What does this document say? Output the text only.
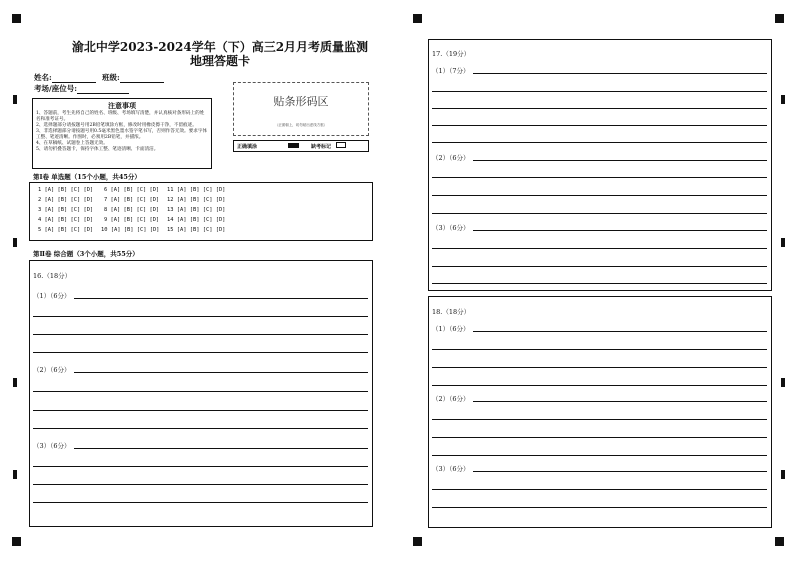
渝北中学2023-2024学年（下）高三2月月考质量监测
地理答题卡
姓名:	班级:
考场/座位号:
注意事项

1、答题前，考生先将自己的姓名、班级、考场填写清楚，并认真核对条形码上的姓名和准考证号。

2、选择题部分请按题号用2B铅笔填涂方框，修改时用橡皮擦干净，不留痕迹。

3、非选择题部分请按题号用0.5毫米黑色墨水签字笔书写，否则作答无效。要求字体工整、笔迹清晰。作图时，必须用2B铅笔，并描浓。

4、在草稿纸、试题卷上答题无效。

5、请勿折叠答题卡，保持字体工整、笔迹清晰、卡面清洁。

贴条形码区
（正面朝上，切勿贴出虚线方框）
正确填涂	缺考标记
第Ⅰ卷 单选题（15个小题，共45分）
1 [A] [B] [C] [D]
2 [A] [B] [C] [D]
3 [A] [B] [C] [D]
4 [A] [B] [C] [D]
5 [A] [B] [C] [D]
6 [A] [B] [C] [D]
7 [A] [B] [C] [D]
8 [A] [B] [C] [D]
9 [A] [B] [C] [D]
10 [A] [B] [C] [D]
11 [A] [B] [C] [D]
12 [A] [B] [C] [D]
13 [A] [B] [C] [D]
14 [A] [B] [C] [D]
15 [A] [B] [C] [D]
第Ⅱ卷 综合题（3个小题，共55分）
16.（18分）
（1）（6分）
（2）（6分）
（3）（6分）
17.（19分）
（1）（7分）
（2）（6分）
（3）（6分）
18.（18分）
（1）（6分）
（2）（6分）
（3）（6分）
